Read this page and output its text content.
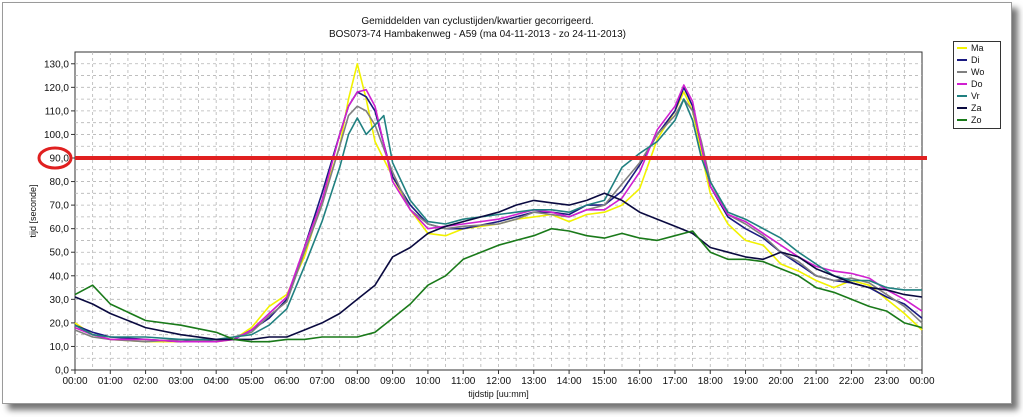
Gemiddelden van cyclustijden/kwartier gecorrigeerd.
BOS073-74 Hambakenweg - A59 (ma 04-11-2013 - zo 24-11-2013)
0,0
10,0
20,0
30,0
40,0
50,0
60,0
70,0
80,0
90,0
100,0
110,0
120,0
130,0
00:00 01:00 02:00 03:00 04:00 05:00 06:00 07:00 08:00 09:00 10:00 11:00 12:00 13:00 14:00 15:00 16:00 17:00 18:00 19:00 20:00 21:00 22:00 23:00 00:00
tijdstip [uu:mm]
tijd [seconde]
Ma
Di
Wo
Do
Vr
Za
Zo
